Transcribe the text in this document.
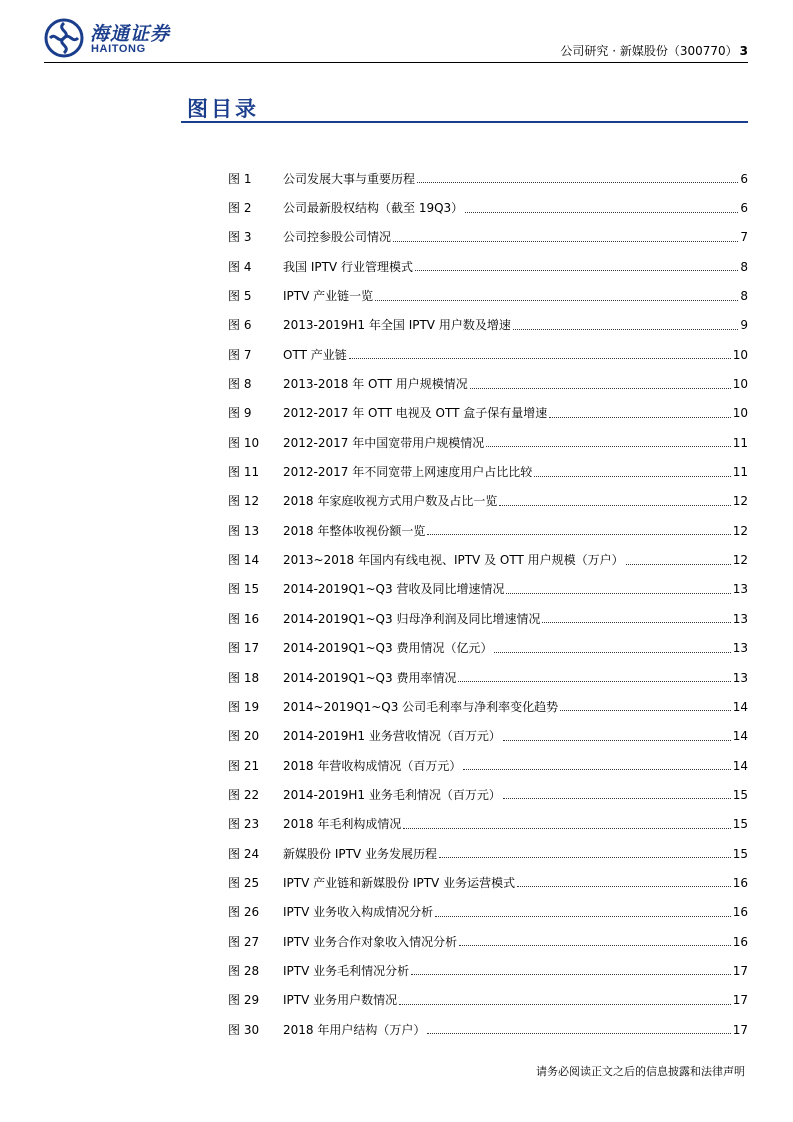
海通证券
HAITONG	公司研究 · 新媒股份（300770） 3
图目录
图 1	公司发展大事与重要历程	6
图 2	公司最新股权结构（截至 19Q3）	6
图 3	公司控参股公司情况	7
图 4	我国 IPTV 行业管理模式	8
图 5	IPTV 产业链一览	8
图 6	2013-2019H1 年全国 IPTV 用户数及增速	9
图 7	OTT 产业链	10
图 8	2013-2018 年 OTT 用户规模情况	10
图 9	2012-2017 年 OTT 电视及 OTT 盒子保有量增速	10
图 10	2012-2017 年中国宽带用户规模情况	11
图 11	2012-2017 年不同宽带上网速度用户占比比较	11
图 12	2018 年家庭收视方式用户数及占比一览	12
图 13	2018 年整体收视份额一览	12
图 14	2013~2018 年国内有线电视、IPTV 及 OTT 用户规模（万户）	12
图 15	2014-2019Q1~Q3 营收及同比增速情况	13
图 16	2014-2019Q1~Q3 归母净利润及同比增速情况	13
图 17	2014-2019Q1~Q3 费用情况（亿元）	13
图 18	2014-2019Q1~Q3 费用率情况	13
图 19	2014~2019Q1~Q3 公司毛利率与净利率变化趋势	14
图 20	2014-2019H1 业务营收情况（百万元）	14
图 21	2018 年营收构成情况（百万元）	14
图 22	2014-2019H1 业务毛利情况（百万元）	15
图 23	2018 年毛利构成情况	15
图 24	新媒股份 IPTV 业务发展历程	15
图 25	IPTV 产业链和新媒股份 IPTV 业务运营模式	16
图 26	IPTV 业务收入构成情况分析	16
图 27	IPTV 业务合作对象收入情况分析	16
图 28	IPTV 业务毛利情况分析	17
图 29	IPTV 业务用户数情况	17
图 30	2018 年用户结构（万户）	17
请务必阅读正文之后的信息披露和法律声明
